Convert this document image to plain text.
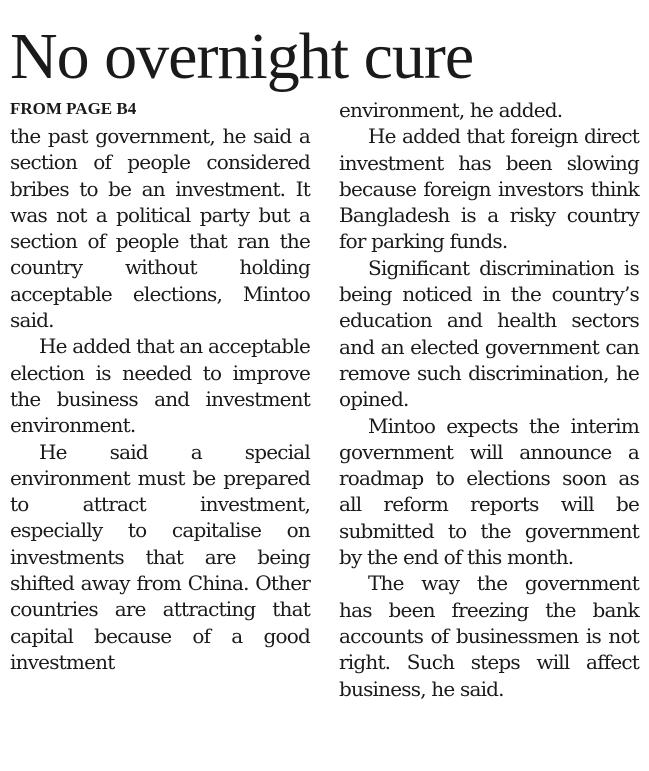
No overnight cure
FROM PAGE B4

the past government, he said a section of people considered bribes to be an investment. It was not a political party but a section of people that ran the country without holding acceptable elections, Mintoo said.

He added that an acceptable election is needed to improve the business and investment environment.

He said a special environment must be prepared to attract investment, especially to capitalise on investments that are being shifted away from China. Other countries are attracting that capital because of a good investment

environment, he added.

He added that foreign direct investment has been slowing because foreign investors think Bangladesh is a risky country for parking funds.

Significant discrimination is being noticed in the country’s education and health sectors and an elected government can remove such discrimination, he opined.

Mintoo expects the interim government will announce a roadmap to elections soon as all reform reports will be submitted to the government by the end of this month.

The way the government has been freezing the bank accounts of businessmen is not right. Such steps will affect business, he said.
